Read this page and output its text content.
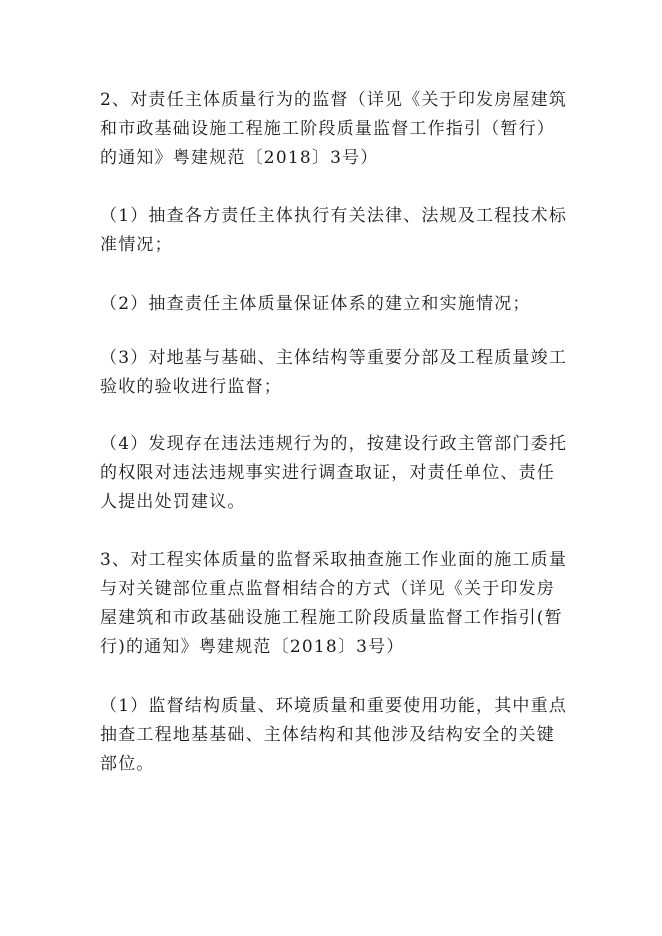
2、对责任主体质量行为的监督（详见《关于印发房屋建筑和市政基础设施工程施工阶段质量监督工作指引（暂行）的通知》粤建规范〔2018〕3号）
（1）抽查各方责任主体执行有关法律、法规及工程技术标准情况；
（2）抽查责任主体质量保证体系的建立和实施情况；
（3）对地基与基础、主体结构等重要分部及工程质量竣工验收的验收进行监督；
（4）发现存在违法违规行为的，按建设行政主管部门委托的权限对违法违规事实进行调查取证，对责任单位、责任人提出处罚建议。
3、对工程实体质量的监督采取抽查施工作业面的施工质量与对关键部位重点监督相结合的方式（详见《关于印发房屋建筑和市政基础设施工程施工阶段质量监督工作指引(暂行)的通知》粤建规范〔2018〕3号）
（1）监督结构质量、环境质量和重要使用功能，其中重点抽查工程地基基础、主体结构和其他涉及结构安全的关键部位。
